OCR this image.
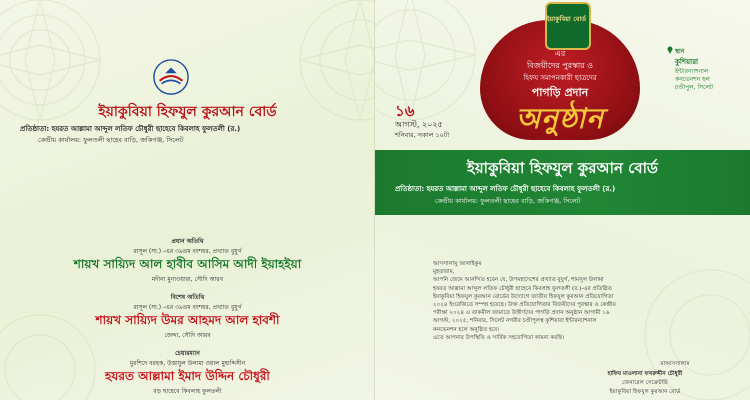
ইয়াকুবিয়া হিফযুল কুরআন বোর্ড
প্রতিষ্ঠাতা: হযরত আল্লামা আব্দুল লতিফ চৌধুরী ছাহেবে কিবলাহ ফুলতলী (র.)
কেন্দ্রীয় কার্যালয়: ফুলতলী ছাহেব বাড়ি, জকিগঞ্জ, সিলেট
প্রধান অতিথি
রাসূল (সা.) -এর ৩৯তম বংশধর, প্রখ্যাত বুযুর্গ
শায়খ সায়্যিদ আল হাবীব আসিম আদী ইয়াহইয়া
মদীনা মুনাওয়ারা, সৌদি আরব
বিশেষ অতিথি
রাসূল (সা.) -এর ৩৯তম বংশধর, প্রখ্যাত বুযুর্গ
শায়খ সায়্যিদ উমর আহমদ আল হাবশী
জেদ্দা, সৌদি আরব
চেয়ারম্যান
মুরশিদে বরহক, উস্তাযুল উলামা ওয়াল মুহাদ্দিসীন
হযরত আল্লামা ইমাদ উদ্দিন চৌধুরী
বড় ছাহেবে কিবলাহ ফুলতলী
ইয়াকুবিয়া বোর্ড
এর
বিজয়ীদের পুরস্কার ও
হিফয সমাপনকারী ছাত্রদের
পাগড়ি প্রদান
অনুষ্ঠান
১৬
আগস্ট, ২০২৫
শনিবার, সকাল ১০টা
স্থান
কুশিয়ারা
ইন্টারন্যাশনাল
কনভেনশন হল
চণ্ডীপুল, সিলেট
ইয়াকুবিয়া হিফযুল কুরআন বোর্ড
প্রতিষ্ঠাতা: হযরত আল্লামা আব্দুল লতিফ চৌধুরী ছাহেবে কিবলাহ ফুলতলী (র.)
কেন্দ্রীয় কার্যালয়: ফুলতলী ছাহেব বাড়ি, জকিগঞ্জ, সিলেট

আসসালামু আলাইকুম

মুহতারাম,

আপনি জেনে আনন্দিত হবেন যে, উপমহাদেশের প্রখ্যাত বুযুর্গ, শামসুল উলামা

হযরত আল্লামা আব্দুল লতিফ চৌধুরী ছাহেবে কিবলাহ ফুলতলী (র.)-এর প্রতিষ্ঠিত

ইয়াকুবিয়া হিফযুল কুরআন বোর্ডের উদ্যোগে জাতীয় হিফযুল কুরআন প্রতিযোগিতা

২০২৪ ইংরেজিতে সম্পন্ন হয়েছে। উক্ত প্রতিযোগিতার বিজয়ীদের পুরস্কার ও কেন্দ্রীয়

পরীক্ষা ২০২৪ এ তাকমীল জামাতে উত্তীর্ণদের পাগড়ি প্রদান অনুষ্ঠান আগামী ১৬

আগস্ট, ২০২৫, শনিবার, সিলেট নগরীর চণ্ডীপুলস্থ কুশিয়ারা ইন্টারন্যাশনাল

কনভেনশন হলে অনুষ্ঠিত হবে।

এতে আপনার উপস্থিতি ও সার্বিক সহযোগিতা কামনা করছি।

মাআসসালাম
হাফিয মাওলানা ফখরুদ্দীন চৌধুরী
জেনারেল সেক্রেটারি
ইয়াকুবিয়া হিফযুল কুরআন বোর্ড
